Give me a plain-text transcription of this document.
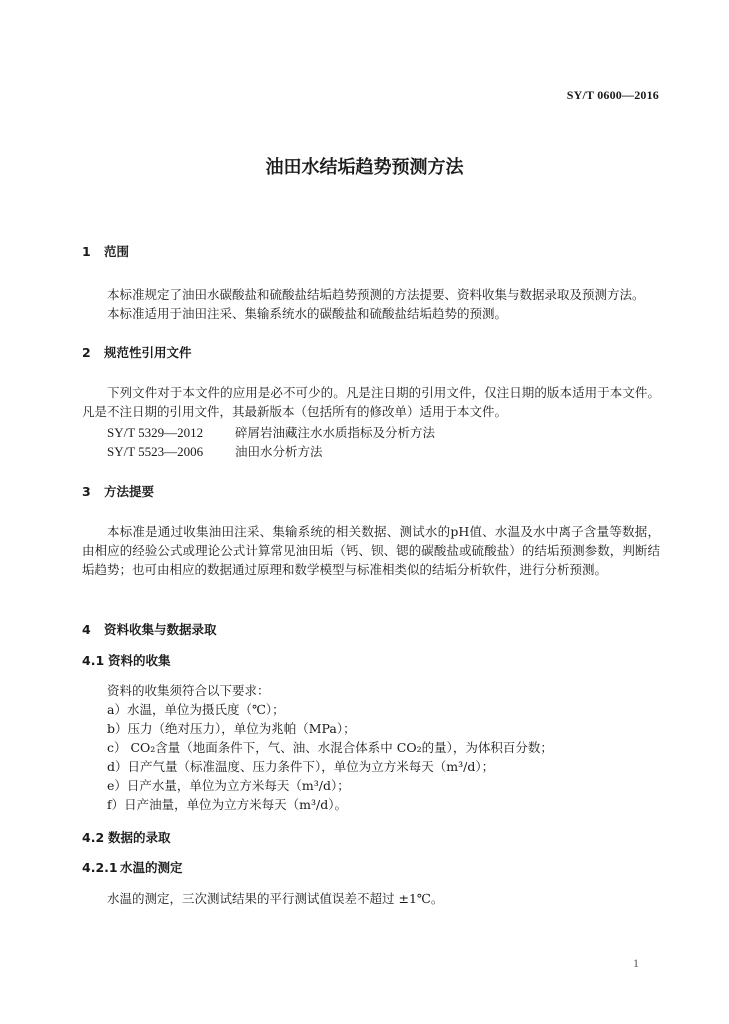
SY/T 0600—2016
油田水结垢趋势预测方法
1 范围
本标准规定了油田水碳酸盐和硫酸盐结垢趋势预测的方法提要、资料收集与数据录取及预测方法。
本标准适用于油田注采、集输系统水的碳酸盐和硫酸盐结垢趋势的预测。
2 规范性引用文件
下列文件对于本文件的应用是必不可少的。凡是注日期的引用文件，仅注日期的版本适用于本文件。凡是不注日期的引用文件，其最新版本（包括所有的修改单）适用于本文件。
SY/T 5329—2012	碎屑岩油藏注水水质指标及分析方法
SY/T 5523—2006	油田水分析方法
3 方法提要
本标准是通过收集油田注采、集输系统的相关数据、测试水的pH值、水温及水中离子含量等数据，由相应的经验公式或理论公式计算常见油田垢（钙、钡、锶的碳酸盐或硫酸盐）的结垢预测参数，判断结垢趋势；也可由相应的数据通过原理和数学模型与标准相类似的结垢分析软件，进行分析预测。
4 资料收集与数据录取
4.1 资料的收集
资料的收集须符合以下要求：
a）水温，单位为摄氏度（℃）；
b）压力（绝对压力），单位为兆帕（MPa）；
c） CO₂含量（地面条件下，气、油、水混合体系中 CO₂的量），为体积百分数；
d）日产气量（标准温度、压力条件下），单位为立方米每天（m³/d）；
e）日产水量，单位为立方米每天（m³/d）；
f）日产油量，单位为立方米每天（m³/d）。
4.2 数据的录取
4.2.1 水温的测定
水温的测定，三次测试结果的平行测试值误差不超过 ±1℃。
1
